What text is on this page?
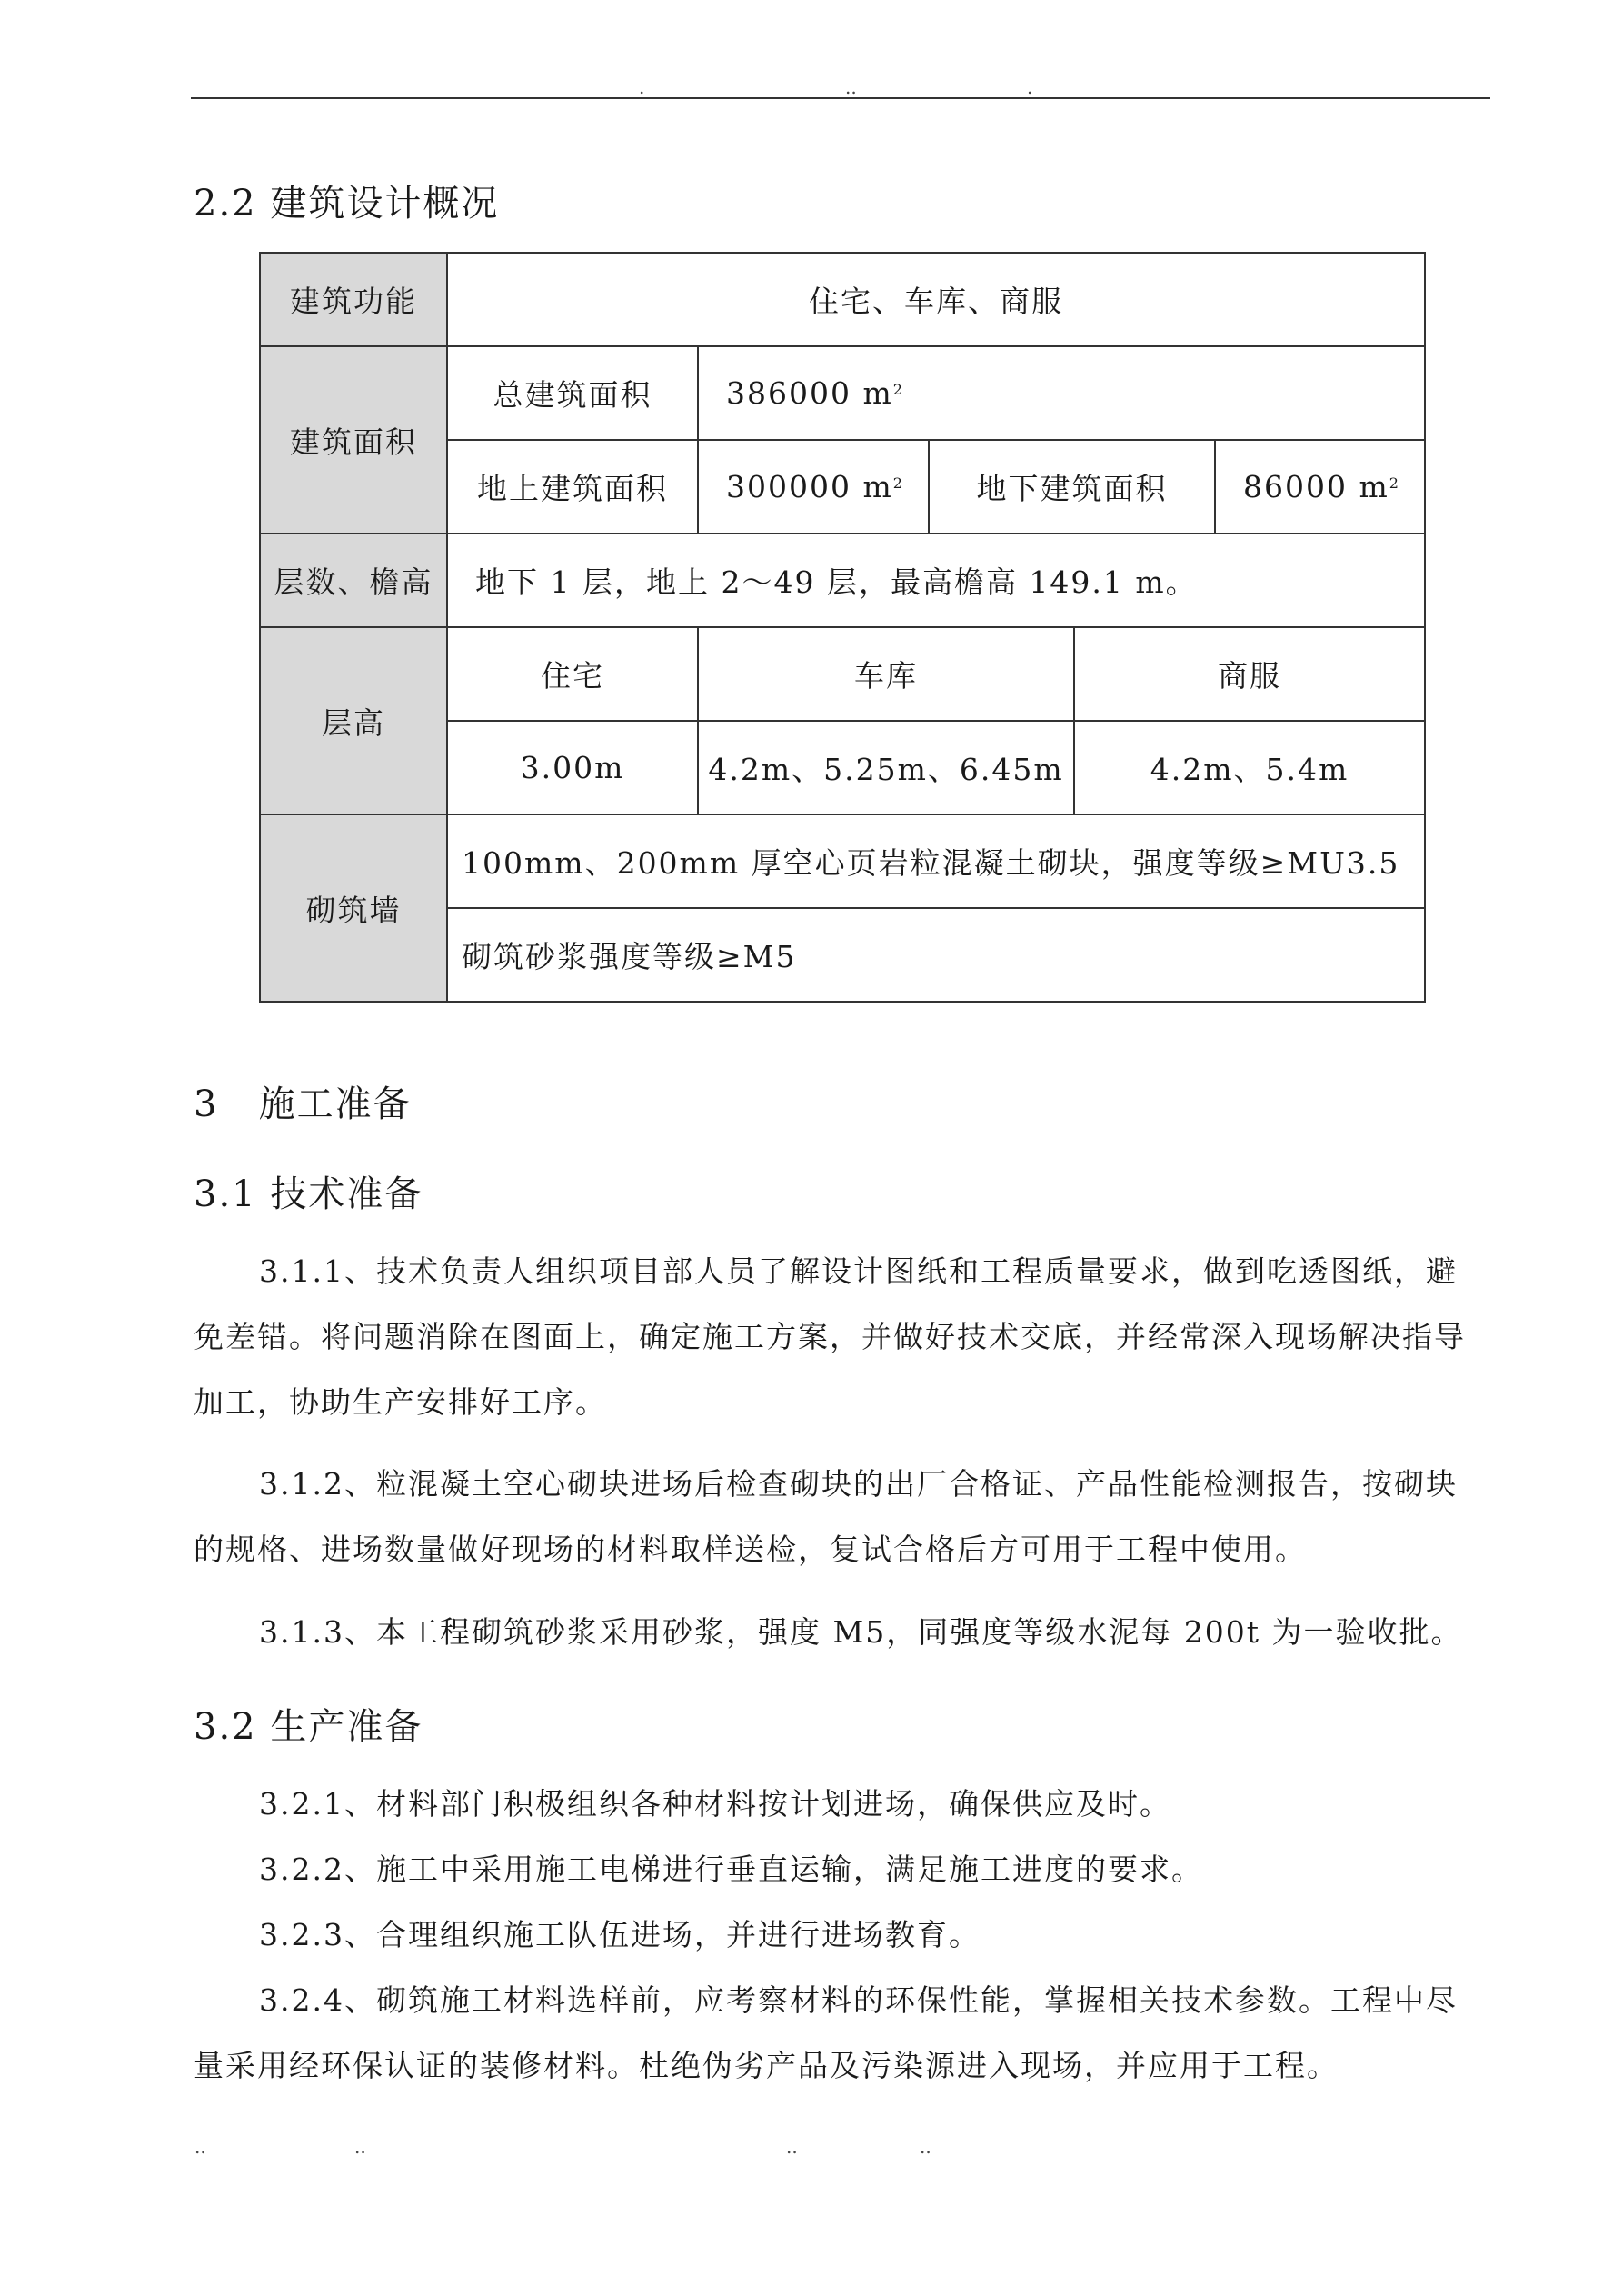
.	..	.
2.2 建筑设计概况
建筑功能	住宅、车库、商服				
建筑面积	总建筑面积	386000 $m^2$
	地上建筑面积	300000 $m^2$	地下建筑面积		86000 $m^2$
层数、檐高	地下 1 层，地上 2～49 层，最高檐高 149.1 m。				
层高	住宅	车库		商服	
	3.00m	4.2m、5.25m、6.45m		4.2m、5.4m	
砌筑墙	100mm、200mm 厚空心页岩粒混凝土砌块，强度等级≥MU3.5				
	砌筑砂浆强度等级≥M5				
3   施工准备
3.1 技术准备
3.1.1、技术负责人组织项目部人员了解设计图纸和工程质量要求，做到吃透图纸，避免差错。将问题消除在图面上，确定施工方案，并做好技术交底，并经常深入现场解决指导加工，协助生产安排好工序。
3.1.2、粒混凝土空心砌块进场后检查砌块的出厂合格证、产品性能检测报告，按砌块的规格、进场数量做好现场的材料取样送检，复试合格后方可用于工程中使用。
3.1.3、本工程砌筑砂浆采用砂浆，强度 M5，同强度等级水泥每 200t 为一验收批。
3.2 生产准备
3.2.1、材料部门积极组织各种材料按计划进场，确保供应及时。
3.2.2、施工中采用施工电梯进行垂直运输，满足施工进度的要求。
3.2.3、合理组织施工队伍进场，并进行进场教育。
3.2.4、砌筑施工材料选样前，应考察材料的环保性能，掌握相关技术参数。工程中尽量采用经环保认证的装修材料。杜绝伪劣产品及污染源进入现场，并应用于工程。
..	..	..	..
